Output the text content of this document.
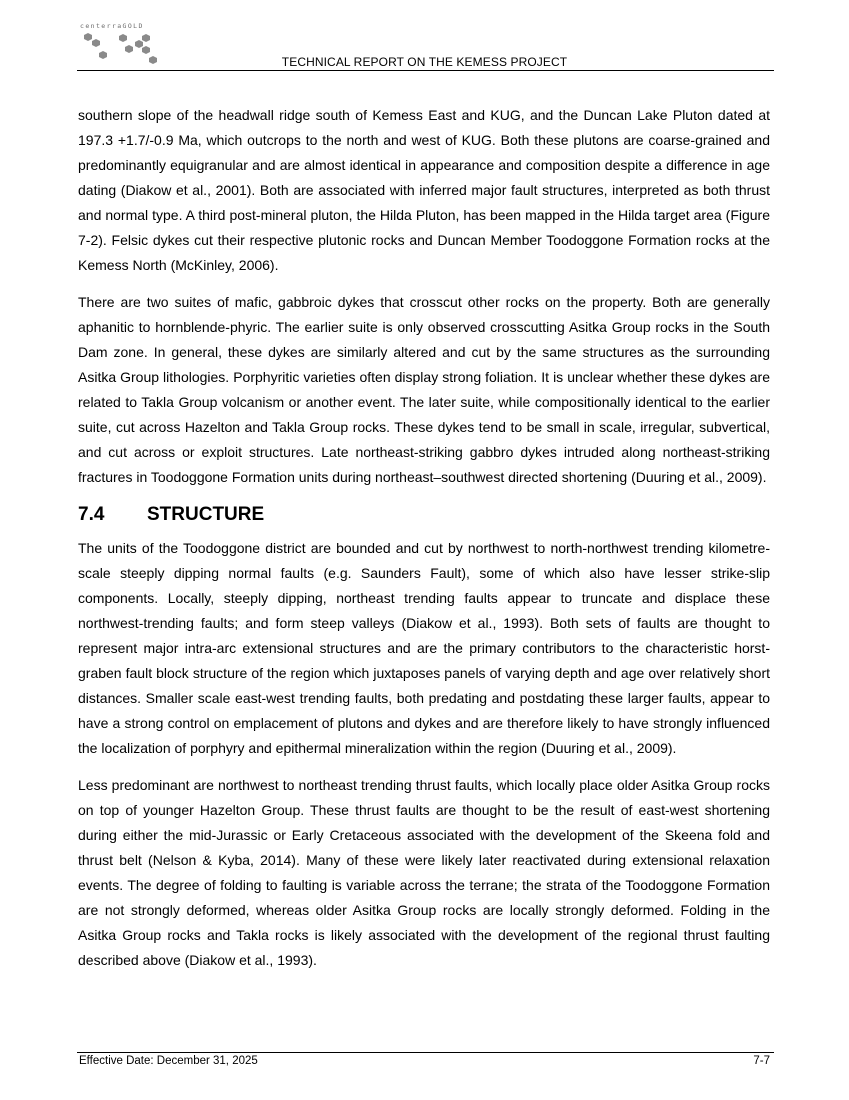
centerraGOLD
TECHNICAL REPORT ON THE KEMESS PROJECT

southern slope of the headwall ridge south of Kemess East and KUG, and the Duncan Lake Pluton dated at 197.3 +1.7/-0.9 Ma, which outcrops to the north and west of KUG. Both these plutons are coarse-grained and predominantly equigranular and are almost identical in appearance and composition despite a difference in age dating (Diakow et al., 2001). Both are associated with inferred major fault structures, interpreted as both thrust and normal type. A third post-mineral pluton, the Hilda Pluton, has been mapped in the Hilda target area (Figure 7-2). Felsic dykes cut their respective plutonic rocks and Duncan Member Toodoggone Formation rocks at the Kemess North (McKinley, 2006).

There are two suites of mafic, gabbroic dykes that crosscut other rocks on the property. Both are generally aphanitic to hornblende-phyric. The earlier suite is only observed crosscutting Asitka Group rocks in the South Dam zone. In general, these dykes are similarly altered and cut by the same structures as the surrounding Asitka Group lithologies. Porphyritic varieties often display strong foliation. It is unclear whether these dykes are related to Takla Group volcanism or another event. The later suite, while compositionally identical to the earlier suite, cut across Hazelton and Takla Group rocks. These dykes tend to be small in scale, irregular, subvertical, and cut across or exploit structures. Late northeast-striking gabbro dykes intruded along northeast-striking fractures in Toodoggone Formation units during northeast–southwest directed shortening (Duuring et al., 2009).

7.4 STRUCTURE

The units of the Toodoggone district are bounded and cut by northwest to north-northwest trending kilometre-scale steeply dipping normal faults (e.g. Saunders Fault), some of which also have lesser strike-slip components. Locally, steeply dipping, northeast trending faults appear to truncate and displace these northwest-trending faults; and form steep valleys (Diakow et al., 1993). Both sets of faults are thought to represent major intra-arc extensional structures and are the primary contributors to the characteristic horst-graben fault block structure of the region which juxtaposes panels of varying depth and age over relatively short distances. Smaller scale east-west trending faults, both predating and postdating these larger faults, appear to have a strong control on emplacement of plutons and dykes and are therefore likely to have strongly influenced the localization of porphyry and epithermal mineralization within the region (Duuring et al., 2009).

Less predominant are northwest to northeast trending thrust faults, which locally place older Asitka Group rocks on top of younger Hazelton Group. These thrust faults are thought to be the result of east-west shortening during either the mid-Jurassic or Early Cretaceous associated with the development of the Skeena fold and thrust belt (Nelson & Kyba, 2014). Many of these were likely later reactivated during extensional relaxation events. The degree of folding to faulting is variable across the terrane; the strata of the Toodoggone Formation are not strongly deformed, whereas older Asitka Group rocks are locally strongly deformed. Folding in the Asitka Group rocks and Takla rocks is likely associated with the development of the regional thrust faulting described above (Diakow et al., 1993).

Effective Date: December 31, 2025	7-7
